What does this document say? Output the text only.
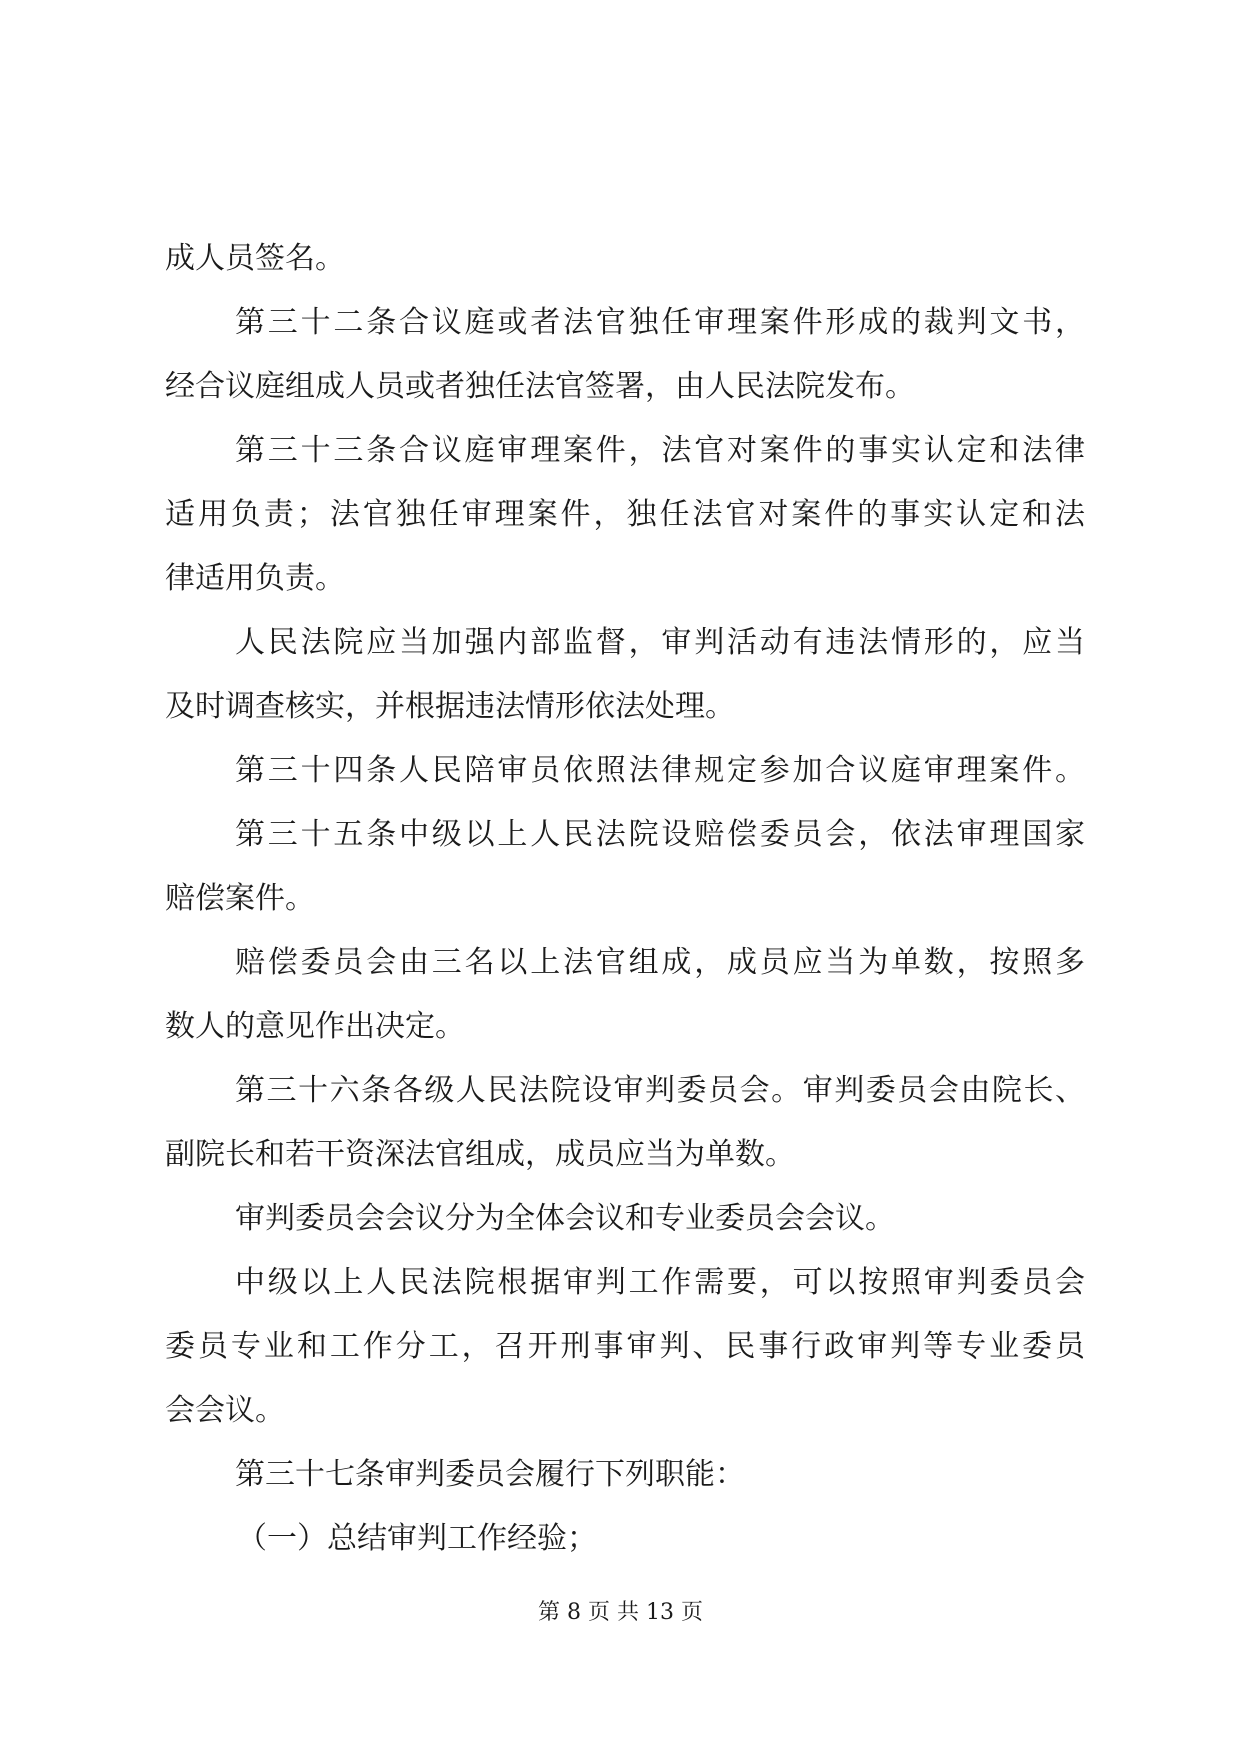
成人员签名。
第三十二条合议庭或者法官独任审理案件形成的裁判文书，
经合议庭组成人员或者独任法官签署，由人民法院发布。
第三十三条合议庭审理案件，法官对案件的事实认定和法律
适用负责；法官独任审理案件，独任法官对案件的事实认定和法
律适用负责。
人民法院应当加强内部监督，审判活动有违法情形的，应当
及时调查核实，并根据违法情形依法处理。
第三十四条人民陪审员依照法律规定参加合议庭审理案件。
第三十五条中级以上人民法院设赔偿委员会，依法审理国家
赔偿案件。
赔偿委员会由三名以上法官组成，成员应当为单数，按照多
数人的意见作出决定。
第三十六条各级人民法院设审判委员会。审判委员会由院长、
副院长和若干资深法官组成，成员应当为单数。
审判委员会会议分为全体会议和专业委员会会议。
中级以上人民法院根据审判工作需要，可以按照审判委员会
委员专业和工作分工，召开刑事审判、民事行政审判等专业委员
会会议。
第三十七条审判委员会履行下列职能：
（一）总结审判工作经验；
第 8 页 共 13 页
